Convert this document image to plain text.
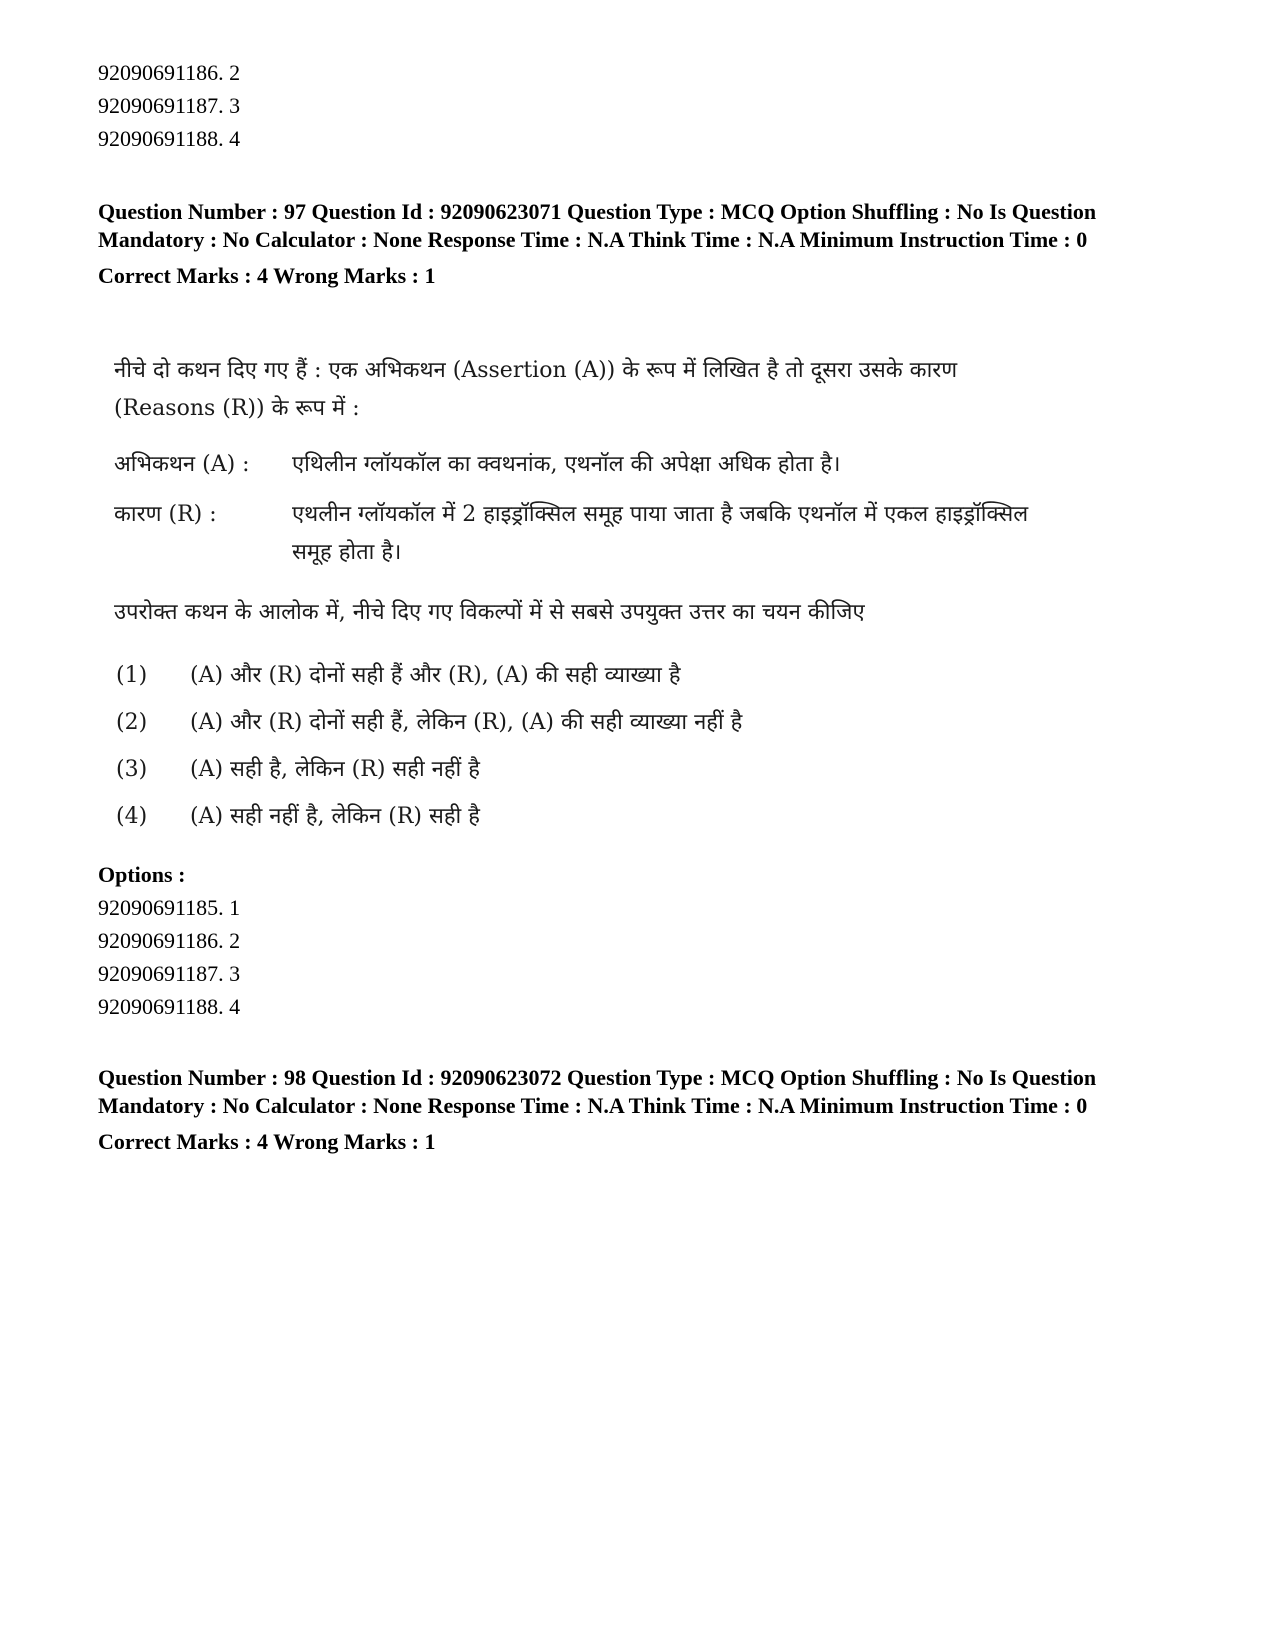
92090691186. 2

92090691187. 3

92090691188. 4

Question Number : 97 Question Id : 92090623071 Question Type : MCQ Option Shuffling : No Is Question Mandatory : No Calculator : None Response Time : N.A Think Time : N.A Minimum Instruction Time : 0

Correct Marks : 4 Wrong Marks : 1

नीचे दो कथन दिए गए हैं : एक अभिकथन (Assertion (A)) के रूप में लिखित है तो दूसरा उसके कारण (Reasons (R)) के रूप में :

अभिकथन (A) :	एथिलीन ग्लॉयकॉल का क्वथनांक, एथनॉल की अपेक्षा अधिक होता है।
कारण (R) :	एथलीन ग्लॉयकॉल में 2 हाइड्रॉक्सिल समूह पाया जाता है जबकि एथनॉल में एकल हाइड्रॉक्सिल समूह होता है।

उपरोक्त कथन के आलोक में, नीचे दिए गए विकल्पों में से सबसे उपयुक्त उत्तर का चयन कीजिए

(1)	(A) और (R) दोनों सही हैं और (R), (A) की सही व्याख्या है
(2)	(A) और (R) दोनों सही हैं, लेकिन (R), (A) की सही व्याख्या नहीं है
(3)	(A) सही है, लेकिन (R) सही नहीं है
(4)	(A) सही नहीं है, लेकिन (R) सही है

Options :

92090691185. 1

92090691186. 2

92090691187. 3

92090691188. 4

Question Number : 98 Question Id : 92090623072 Question Type : MCQ Option Shuffling : No Is Question Mandatory : No Calculator : None Response Time : N.A Think Time : N.A Minimum Instruction Time : 0

Correct Marks : 4 Wrong Marks : 1
